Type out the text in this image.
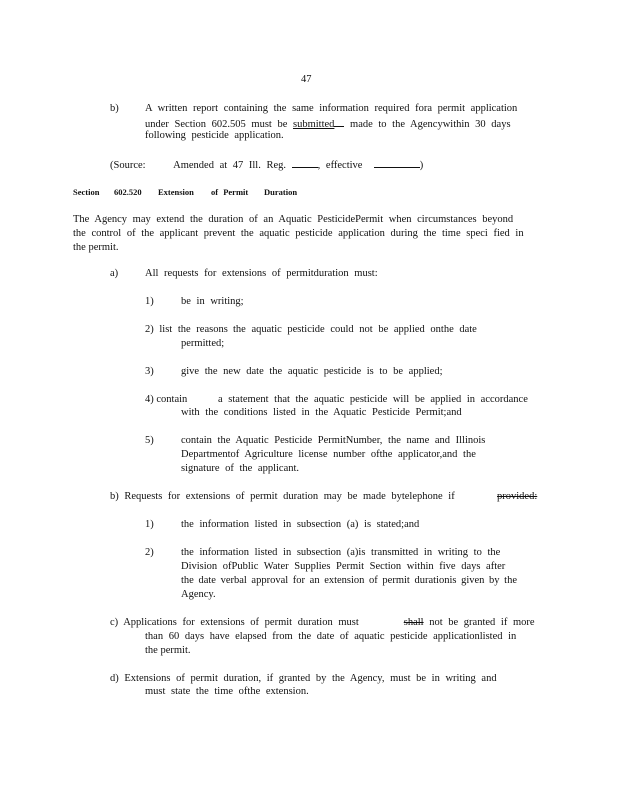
47
b)	A written report containing the same information required fora permit application
under Section 602.505 must be submitted made to the Agencywithin 30 days
following pesticide application.
(Source:	Amended at 47 Ill. Reg.	, effective	)
Section 602.520 Extension of Permit Duration
The Agency may extend the duration of an Aquatic PesticidePermit when circumstances beyond
the control of the applicant prevent the aquatic pesticide application during the time speci fied in
the permit.
a)	All requests for extensions of permitduration must:
1)	be in writing;
2) list the reasons the aquatic pesticide could not be applied onthe date
permitted;
3)	give the new date the aquatic pesticide is to be applied;
4) contain	a statement that the aquatic pesticide will be applied in accordance
with the conditions listed in the Aquatic Pesticide Permit;and
5)	contain the Aquatic Pesticide PermitNumber, the name and Illinois
Departmentof Agriculture license number ofthe applicator,and the
signature of the applicant.
b) Requests for extensions of permit duration may be made bytelephone if	provided:
1)	the information listed in subsection (a) is stated;and
2)	the information listed in subsection (a)is transmitted in writing to the
Division ofPublic Water Supplies Permit Section within five days after
the date verbal approval for an extension of permit durationis given by the
Agency.
c) Applications for extensions of permit duration must	shall not be granted if more
than 60 days have elapsed from the date of aquatic pesticide applicationlisted in
the permit.
d) Extensions of permit duration, if granted by the Agency, must be in writing and
must state the time ofthe extension.
